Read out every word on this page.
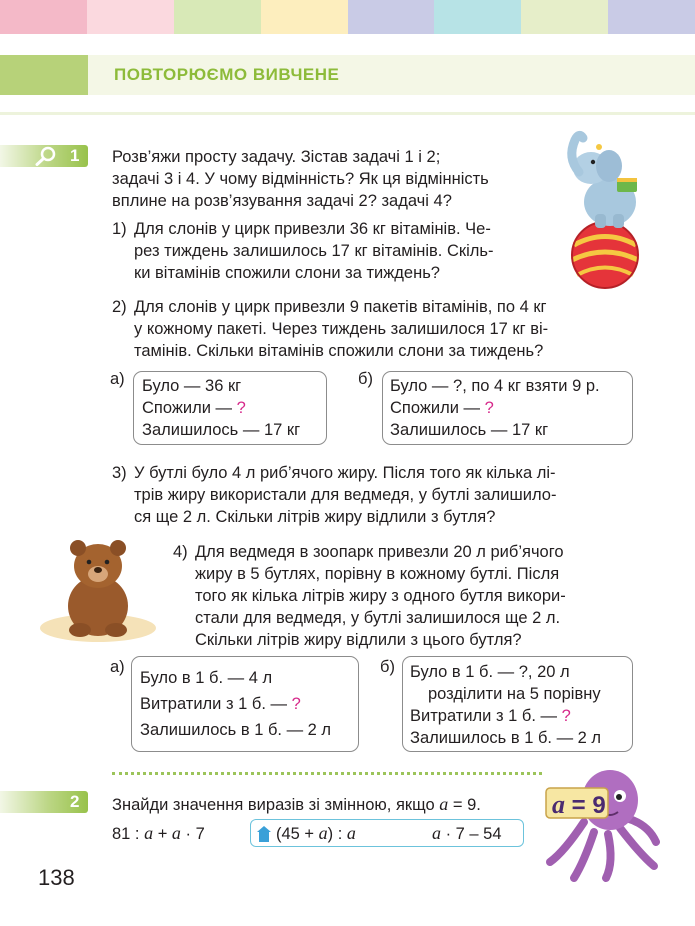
ПОВТОРЮЄМО ВИВЧЕНЕ
1 Розв’яжи просту задачу. Зістав задачі 1 і 2;
задачі 3 і 4. У чому відмінність? Як ця відмінність
вплине на розв’язування задачі 2? задачі 4?
1) Для слонів у цирк привезли 36 кг вітамінів. Че-
рез тиждень залишилось 17 кг вітамінів. Скіль-
ки вітамінів спожили слони за тиждень?
2) Для слонів у цирк привезли 9 пакетів вітамінів, по 4 кг
у кожному пакеті. Через тиждень залишилося 17 кг ві-
тамінів. Скільки вітамінів спожили слони за тиждень?
а) Було — 36 кг
Спожили — ?
Залишилось — 17 кг
б) Було — ?, по 4 кг взяти 9 р.
Спожили — ?
Залишилось — 17 кг
3) У бутлі було 4 л риб’ячого жиру. Після того як кілька лі-
трів жиру використали для ведмедя, у бутлі залишило-
ся ще 2 л. Скільки літрів жиру відлили з бутля?
4) Для ведмедя в зоопарк привезли 20 л риб’ячого
жиру в 5 бутлях, порівну в кожному бутлі. Після
того як кілька літрів жиру з одного бутля викори-
стали для ведмедя, у бутлі залишилося ще 2 л.
Скільки літрів жиру відлили з цього бутля?
а)
Було в 1 б. — 4 л
Витратили з 1 б. — ?
Залишилось в 1 б. — 2 л
б) Було в 1 б. — ?, 20 л
розділити на 5 порівну
Витратили з 1 б. — ?
Залишилось в 1 б. — 2 л
a = 9
2 Знайди значення виразів зі змінною, якщо a = 9.
81 : a + a · 7	(45 + a) : a	a · 7 – 54
138
